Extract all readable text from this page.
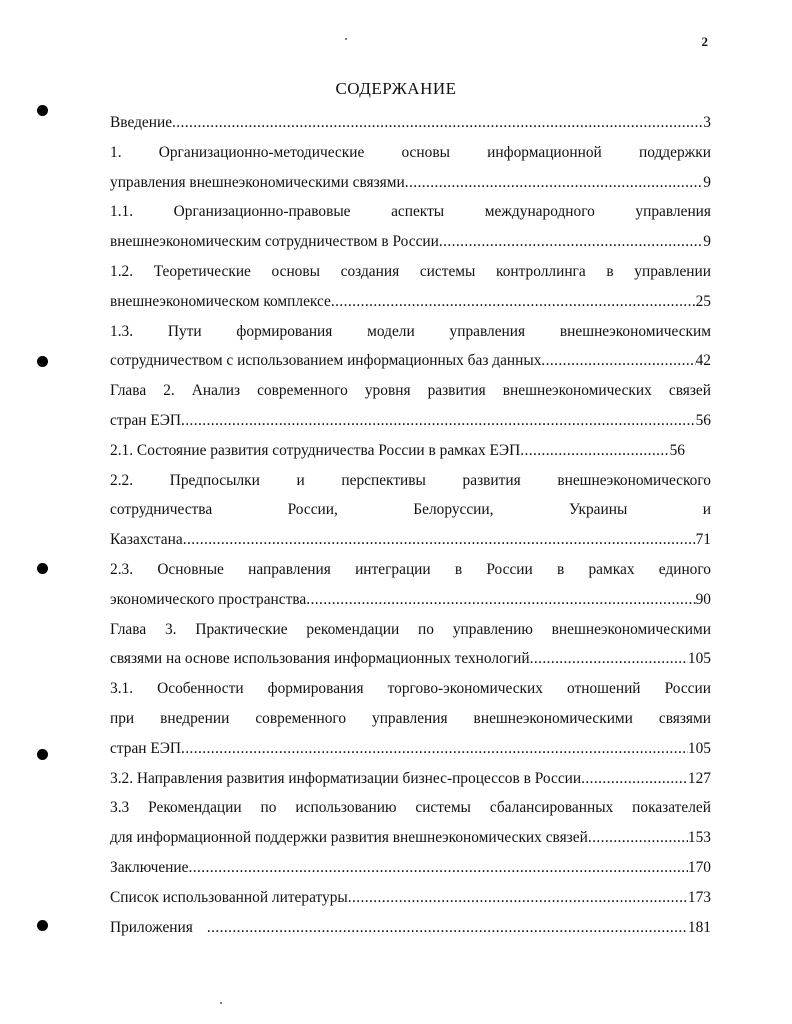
2
СОДЕРЖАНИЕ
Введение .....	3
1. Организационно-методические основы информационной поддержки
управления внешнеэкономическими связями .....	9
1.1. Организационно-правовые аспекты международного управления
внешнеэкономическим сотрудничеством в России .....	9
1.2. Теоретические основы создания системы контроллинга в управлении
внешнеэкономическом комплексе .....	25
1.3. Пути формирования модели управления внешнеэкономическим
сотрудничеством с использованием информационных баз данных .....	42
Глава 2. Анализ современного уровня развития внешнеэкономических связей
стран ЕЭП .....	56
2.1. Состояние развития сотрудничества России в рамках ЕЭП .....	56
2.2. Предпосылки и перспективы развития внешнеэкономического
сотрудничества России, Белоруссии, Украины и
Казахстана .....	71
2.3. Основные направления интеграции в России в рамках единого
экономического пространства .....	90
Глава 3. Практические рекомендации по управлению внешнеэкономическими
связями на основе использования информационных технологий .....	105
3.1. Особенности формирования торгово-экономических отношений России
при внедрении современного управления внешнеэкономическими связями
стран ЕЭП .....	105
3.2. Направления развития информатизации бизнес-процессов в России .....	127
3.3 Рекомендации по использованию системы сбалансированных показателей
для информационной поддержки развития внешнеэкономических связей .....	153
Заключение .....	170
Список использованной литературы .....	173
Приложения .....	181
